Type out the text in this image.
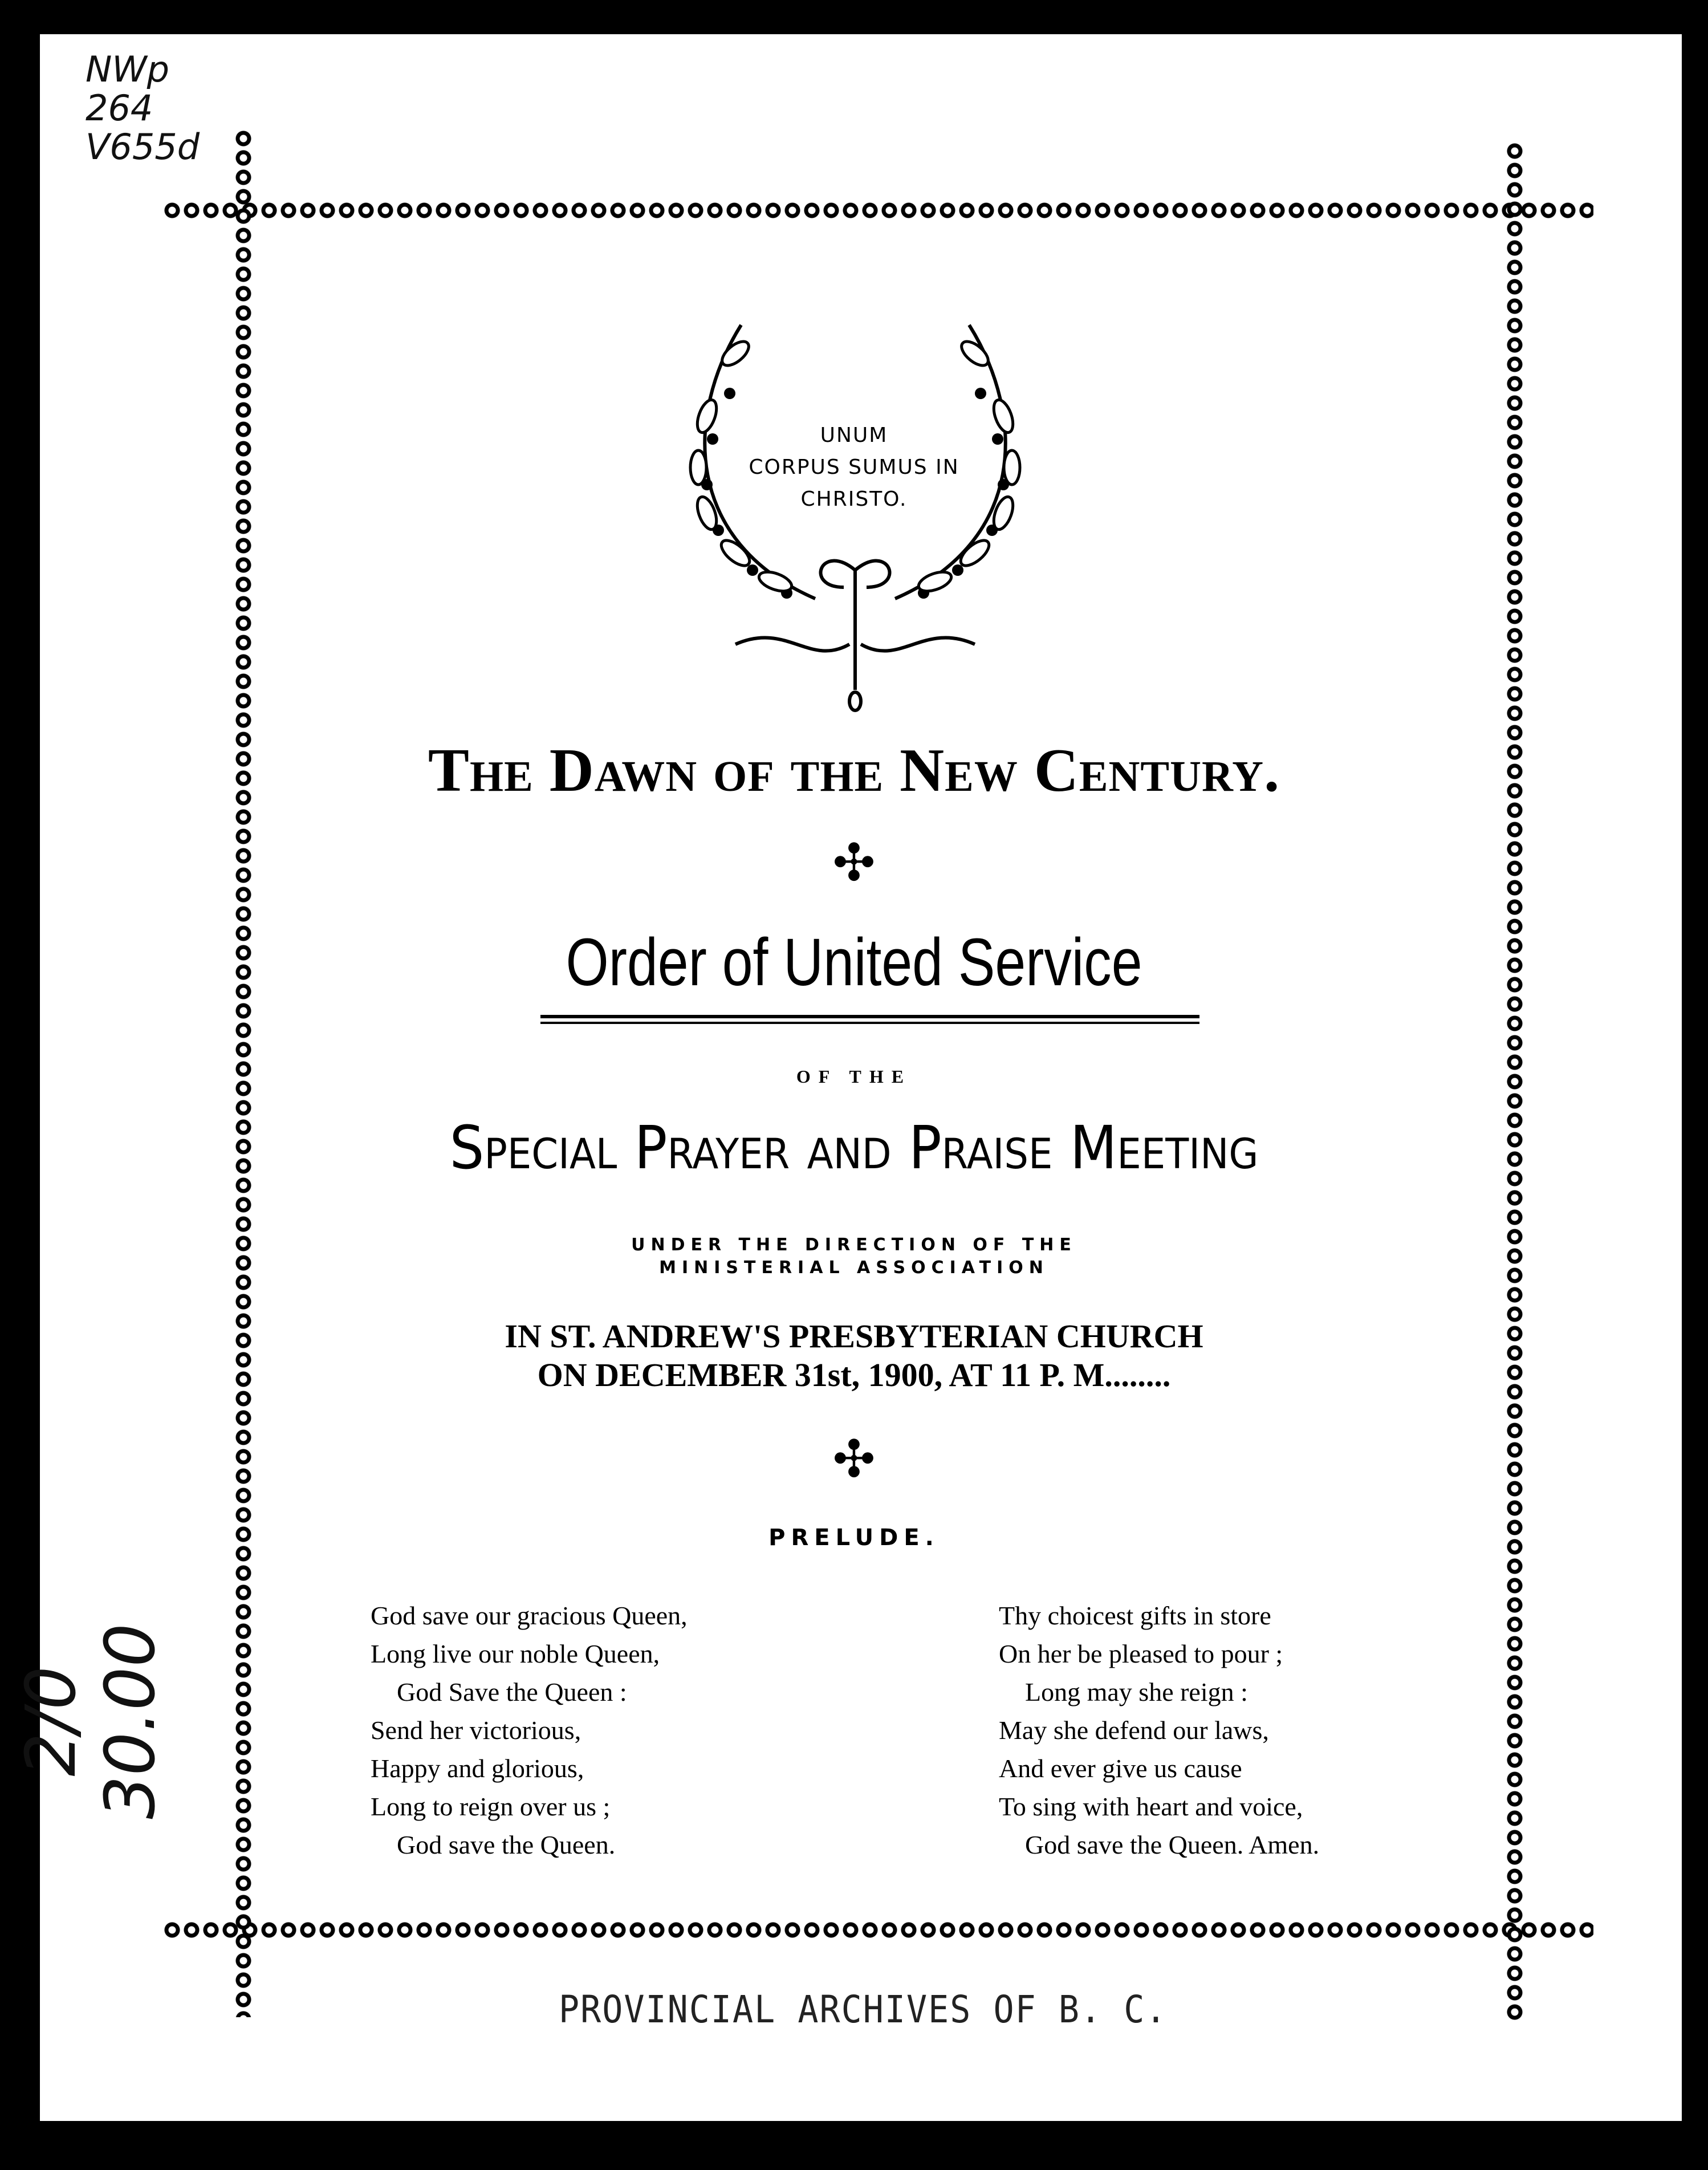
NWp
264
V655d
2/0 30.00
UNUM
CORPUS SUMUS IN
CHRISTO.
The Dawn of the New Century.
✣
Order of United Service
OF THE
Special Prayer and Praise Meeting
UNDER THE DIRECTION OF THE
MINISTERIAL ASSOCIATION
IN ST. ANDREW'S PRESBYTERIAN CHURCH
ON DECEMBER 31st, 1900, AT 11 P. M........
✣
PRELUDE.
God save our gracious Queen,
Long live our noble Queen,
God Save the Queen :
Send her victorious,
Happy and glorious,
Long to reign over us ;
God save the Queen.
Thy choicest gifts in store
On her be pleased to pour ;
Long may she reign :
May she defend our laws,
And ever give us cause
To sing with heart and voice,
God save the Queen. Amen.
PROVINCIAL ARCHIVES OF B. C.
